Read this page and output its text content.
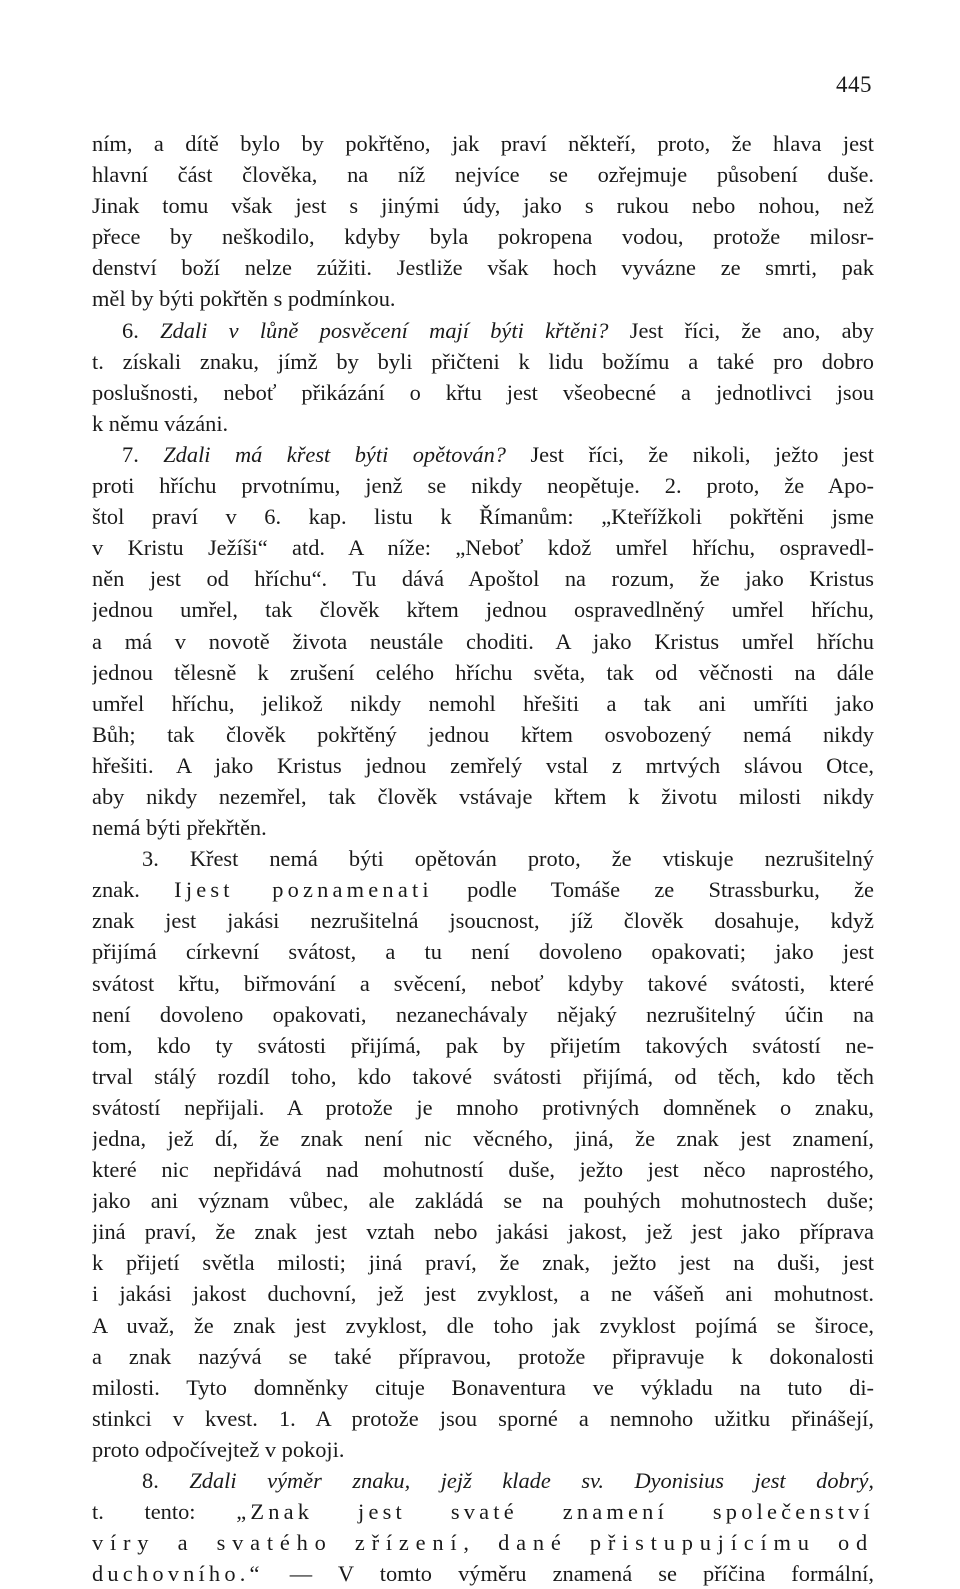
445
ním, a dítě bylo by pokřtěno, jak praví někteří, proto, že hlava jest
hlavní část člověka, na níž nejvíce se ozřejmuje působení duše.
Jinak tomu však jest s jinými údy, jako s rukou nebo nohou, než
přece by neškodilo, kdyby byla pokropena vodou, protože milosr-
denství boží nelze zúžiti. Jestliže však hoch vyvázne ze smrti, pak
měl by býti pokřtěn s podmínkou.
6. Zdali v lůně posvěcení mají býti křtěni? Jest říci, že ano, aby
t. získali znaku, jímž by byli přičteni k lidu božímu a také pro dobro
poslušnosti, neboť přikázání o křtu jest všeobecné a jednotlivci jsou
k němu vázáni.
7. Zdali má křest býti opětován? Jest říci, že nikoli, ježto jest
proti hříchu prvotnímu, jenž se nikdy neopětuje. 2. proto, že Apo-
štol praví v 6. kap. listu k Římanům: „Kteřížkoli pokřtěni jsme
v Kristu Ježíši“ atd. A níže: „Neboť kdož umřel hříchu, ospravedl-
něn jest od hříchu“. Tu dává Apoštol na rozum, že jako Kristus
jednou umřel, tak člověk křtem jednou ospravedlněný umřel hříchu,
a má v novotě života neustále choditi. A jako Kristus umřel hříchu
jednou tělesně k zrušení celého hříchu světa, tak od věčnosti na dále
umřel hříchu, jelikož nikdy nemohl hřešiti a tak ani umříti jako
Bůh; tak člověk pokřtěný jednou křtem osvobozený nemá nikdy
hřešiti. A jako Kristus jednou zemřelý vstal z mrtvých slávou Otce,
aby nikdy nezemřel, tak člověk vstávaje křtem k životu milosti nikdy
nemá býti překřtěn.
3. Křest nemá býti opětován proto, že vtiskuje nezrušitelný
znak. Ijest poznamenati podle Tomáše ze Strassburku, že
znak jest jakási nezrušitelná jsoucnost, jíž člověk dosahuje, když
přijímá církevní svátost, a tu není dovoleno opakovati; jako jest
svátost křtu, biřmování a svěcení, neboť kdyby takové svátosti, které
není dovoleno opakovati, nezanechávaly nějaký nezrušitelný účin na
tom, kdo ty svátosti přijímá, pak by přijetím takových svátostí ne-
trval stálý rozdíl toho, kdo takové svátosti přijímá, od těch, kdo těch
svátostí nepřijali. A protože je mnoho protivných domněnek o znaku,
jedna, jež dí, že znak není nic věcného, jiná, že znak jest znamení,
které nic nepřidává nad mohutností duše, ježto jest něco naprostého,
jako ani význam vůbec, ale zakládá se na pouhých mohutnostech duše;
jiná praví, že znak jest vztah nebo jakási jakost, jež jest jako příprava
k přijetí světla milosti; jiná praví, že znak, ježto jest na duši, jest
i jakási jakost duchovní, jež jest zvyklost, a ne vášeň ani mohutnost.
A uvaž, že znak jest zvyklost, dle toho jak zvyklost pojímá se široce,
a znak nazývá se také přípravou, protože připravuje k dokonalosti
milosti. Tyto domněnky cituje Bonaventura ve výkladu na tuto di-
stinkci v kvest. 1. A protože jsou sporné a nemnoho užitku přinášejí,
proto odpočívejtež v pokoji.
8. Zdali výměr znaku, jejž klade sv. Dyonisius jest dobrý,
t. tento: „Znak jest svaté znamení společenství
víry a svatého zřízení, dané přistupujícímu od
duchovního.“ — V tomto výměru znamená se příčina formální,
